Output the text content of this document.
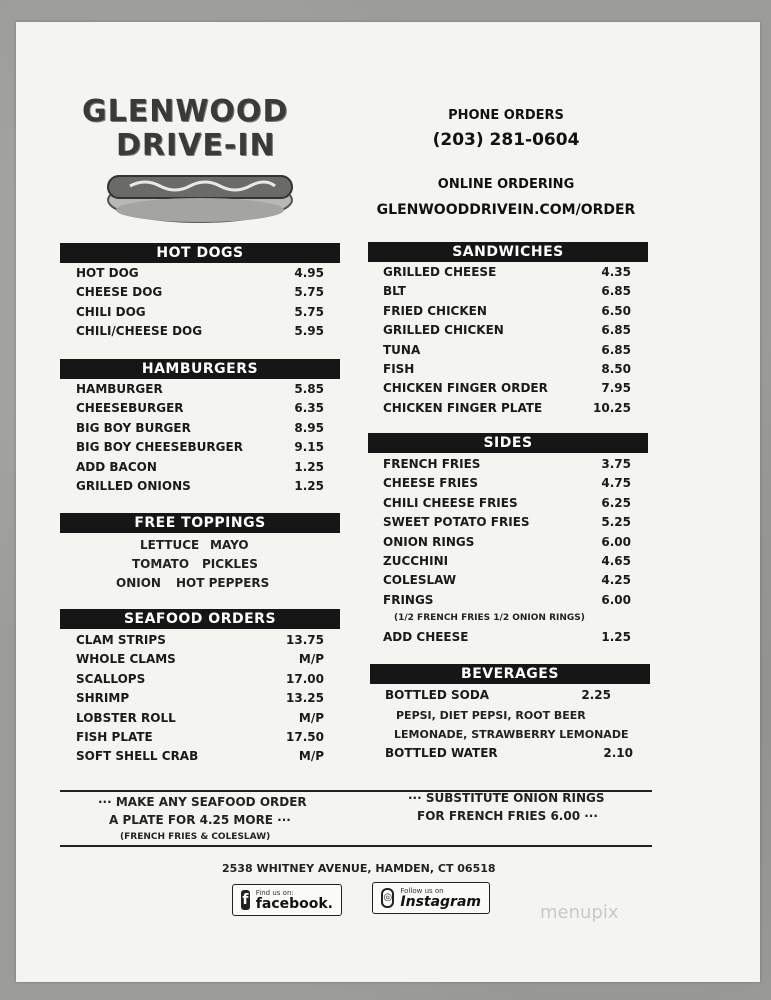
GLENWOOD
DRIVE-IN
PHONE ORDERS
(203) 281-0604
ONLINE ORDERING
GLENWOODDRIVEIN.COM/ORDER
HOT DOGS
HOT DOG	4.95
CHEESE DOG	5.75
CHILI DOG	5.75
CHILI/CHEESE DOG	5.95
HAMBURGERS
HAMBURGER	5.85
CHEESEBURGER	6.35
BIG BOY BURGER	8.95
BIG BOY CHEESEBURGER	9.15
ADD BACON	1.25
GRILLED ONIONS	1.25
FREE TOPPINGS
LETTUCE MAYO
TOMATO PICKLES
ONION HOT PEPPERS
SEAFOOD ORDERS
CLAM STRIPS	13.75
WHOLE CLAMS	M/P
SCALLOPS	17.00
SHRIMP	13.25
LOBSTER ROLL	M/P
FISH PLATE	17.50
SOFT SHELL CRAB	M/P
SANDWICHES
GRILLED CHEESE	4.35
BLT	6.85
FRIED CHICKEN	6.50
GRILLED CHICKEN	6.85
TUNA	6.85
FISH	8.50
CHICKEN FINGER ORDER	7.95
CHICKEN FINGER PLATE	10.25
SIDES
FRENCH FRIES	3.75
CHEESE FRIES	4.75
CHILI CHEESE FRIES	6.25
SWEET POTATO FRIES	5.25
ONION RINGS	6.00
ZUCCHINI	4.65
COLESLAW	4.25
FRINGS	6.00
(1/2 FRENCH FRIES 1/2 ONION RINGS)
ADD CHEESE	1.25
BEVERAGES
BOTTLED SODA	2.25
PEPSI, DIET PEPSI, ROOT BEER
LEMONADE, STRAWBERRY LEMONADE
BOTTLED WATER	2.10
··· MAKE ANY SEAFOOD ORDER
A PLATE FOR 4.25 MORE ···
(FRENCH FRIES & COLESLAW)
··· SUBSTITUTE ONION RINGS
FOR FRENCH FRIES 6.00 ···
2538 WHITNEY AVENUE, HAMDEN, CT 06518
f Find us on:
facebook.	◎
Follow us on
Instagram
menupix
